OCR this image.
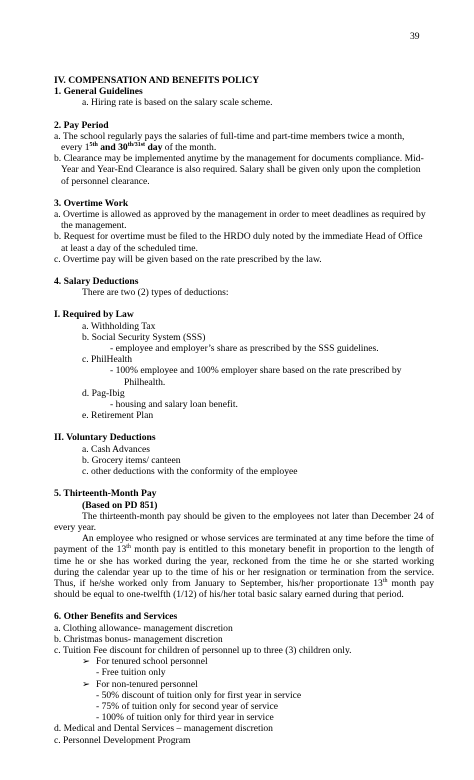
39
IV. COMPENSATION AND BENEFITS POLICY
1. General Guidelines
a. Hiring rate is based on the salary scale scheme.
2. Pay Period
a. The school regularly pays the salaries of full-time and part-time members twice a month,
every $1^{5th}$ and $30^{th/31st}$ day of the month.
b. Clearance may be implemented anytime by the management for documents compliance. Mid-
Year and Year-End Clearance is also required. Salary shall be given only upon the completion
of personnel clearance.
3. Overtime Work
a. Overtime is allowed as approved by the management in order to meet deadlines as required by
the management.
b. Request for overtime must be filed to the HRDO duly noted by the immediate Head of Office
at least a day of the scheduled time.
c. Overtime pay will be given based on the rate prescribed by the law.
4. Salary Deductions
There are two (2) types of deductions:
I. Required by Law
a. Withholding Tax
b. Social Security System (SSS)
- employee and employer’s share as prescribed by the SSS guidelines.
c. PhilHealth
- 100% employee and 100% employer share based on the rate prescribed by
Philhealth.
d. Pag-Ibig
- housing and salary loan benefit.
e. Retirement Plan
II. Voluntary Deductions
a. Cash Advances
b. Grocery items/ canteen
c. other deductions with the conformity of the employee
5. Thirteenth-Month Pay
(Based on PD 851)
The thirteenth-month pay should be given to the employees not later than December 24 of every year.
An employee who resigned or whose services are terminated at any time before the time of payment of the 13th month pay is entitled to this monetary benefit in proportion to the length of time he or she has worked during the year, reckoned from the time he or she started working during the calendar year up to the time of his or her resignation or termination from the service. Thus, if he/she worked only from January to September, his/her proportionate 13th month pay should be equal to one-twelfth (1/12) of his/her total basic salary earned during that period.
6. Other Benefits and Services
a. Clothing allowance- management discretion
b. Christmas bonus- management discretion
c. Tuition Fee discount for children of personnel up to three (3) children only.
➢ For tenured school personnel
- Free tuition only
➢ For non-tenured personnel
- 50% discount of tuition only for first year in service
- 75% of tuition only for second year of service
- 100% of tuition only for third year in service
d. Medical and Dental Services – management discretion
c. Personnel Development Program
